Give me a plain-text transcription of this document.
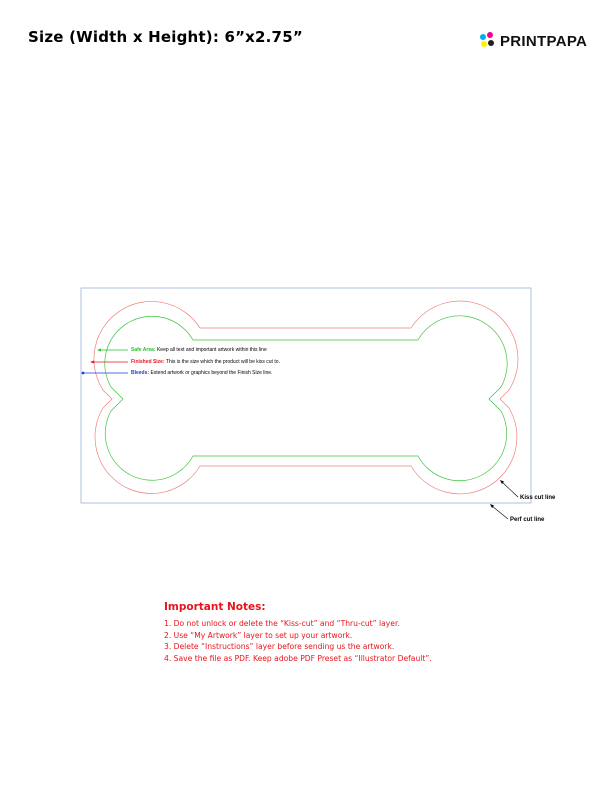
Size (Width x Height): 6”x2.75”	PRINTPAPA
Safe Area: Keep all text and important artwork within this line
Finished Size: This is the size which the product will be kiss cut to.
Bleeds: Extend artwork or graphics beyond the Finish Size line.
Kiss cut line
Perf cut line
Important Notes:
1. Do not unlock or delete the “Kiss-cut” and “Thru-cut” layer.
2. Use “My Artwork” layer to set up your artwork.
3. Delete “Instructions” layer before sending us the artwork.
4. Save the file as PDF. Keep adobe PDF Preset as “Illustrator Default”.
